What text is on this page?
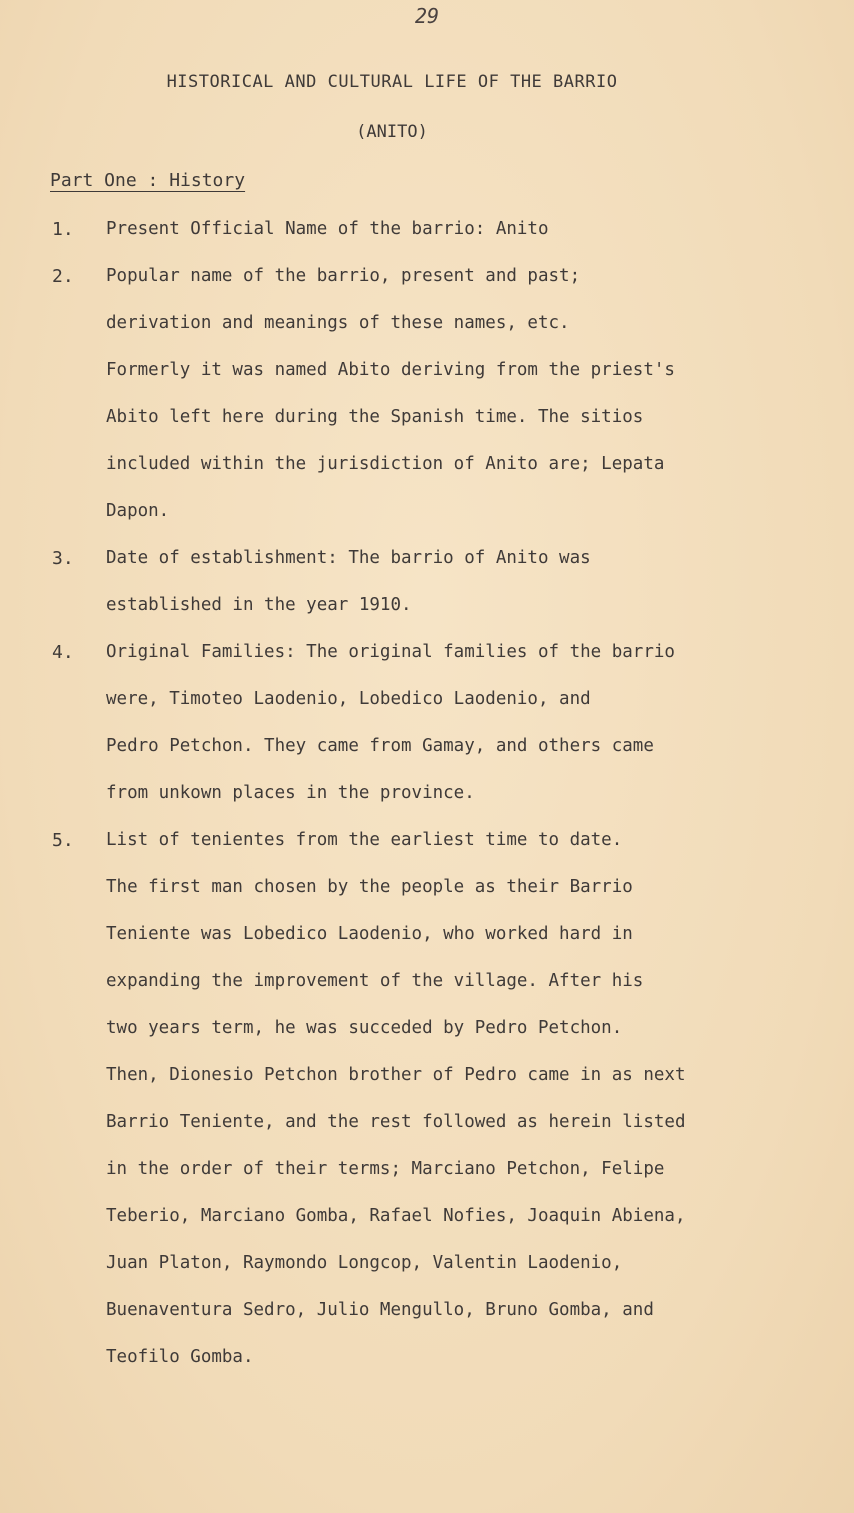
29
HISTORICAL AND CULTURAL LIFE OF THE BARRIO
(ANITO)
Part One : History
1. Present Official Name of the barrio: Anito
2. Popular name of the barrio, present and past;
derivation and meanings of these names, etc.
Formerly it was named Abito deriving from the priest's
Abito left here during the Spanish time. The sitios
included within the jurisdiction of Anito are; Lepata
Dapon.
3. Date of establishment: The barrio of Anito was
established in the year 1910.
4. Original Families: The original families of the barrio
were, Timoteo Laodenio, Lobedico Laodenio, and
Pedro Petchon. They came from Gamay, and others came
from unkown places in the province.
5. List of tenientes from the earliest time to date.
The first man chosen by the people as their Barrio
Teniente was Lobedico Laodenio, who worked hard in
expanding the improvement of the village. After his
two years term, he was succeded by Pedro Petchon.
Then, Dionesio Petchon brother of Pedro came in as next
Barrio Teniente, and the rest followed as herein listed
in the order of their terms; Marciano Petchon, Felipe
Teberio, Marciano Gomba, Rafael Nofies, Joaquin Abiena,
Juan Platon, Raymondo Longcop, Valentin Laodenio,
Buenaventura Sedro, Julio Mengullo, Bruno Gomba, and
Teofilo Gomba.
